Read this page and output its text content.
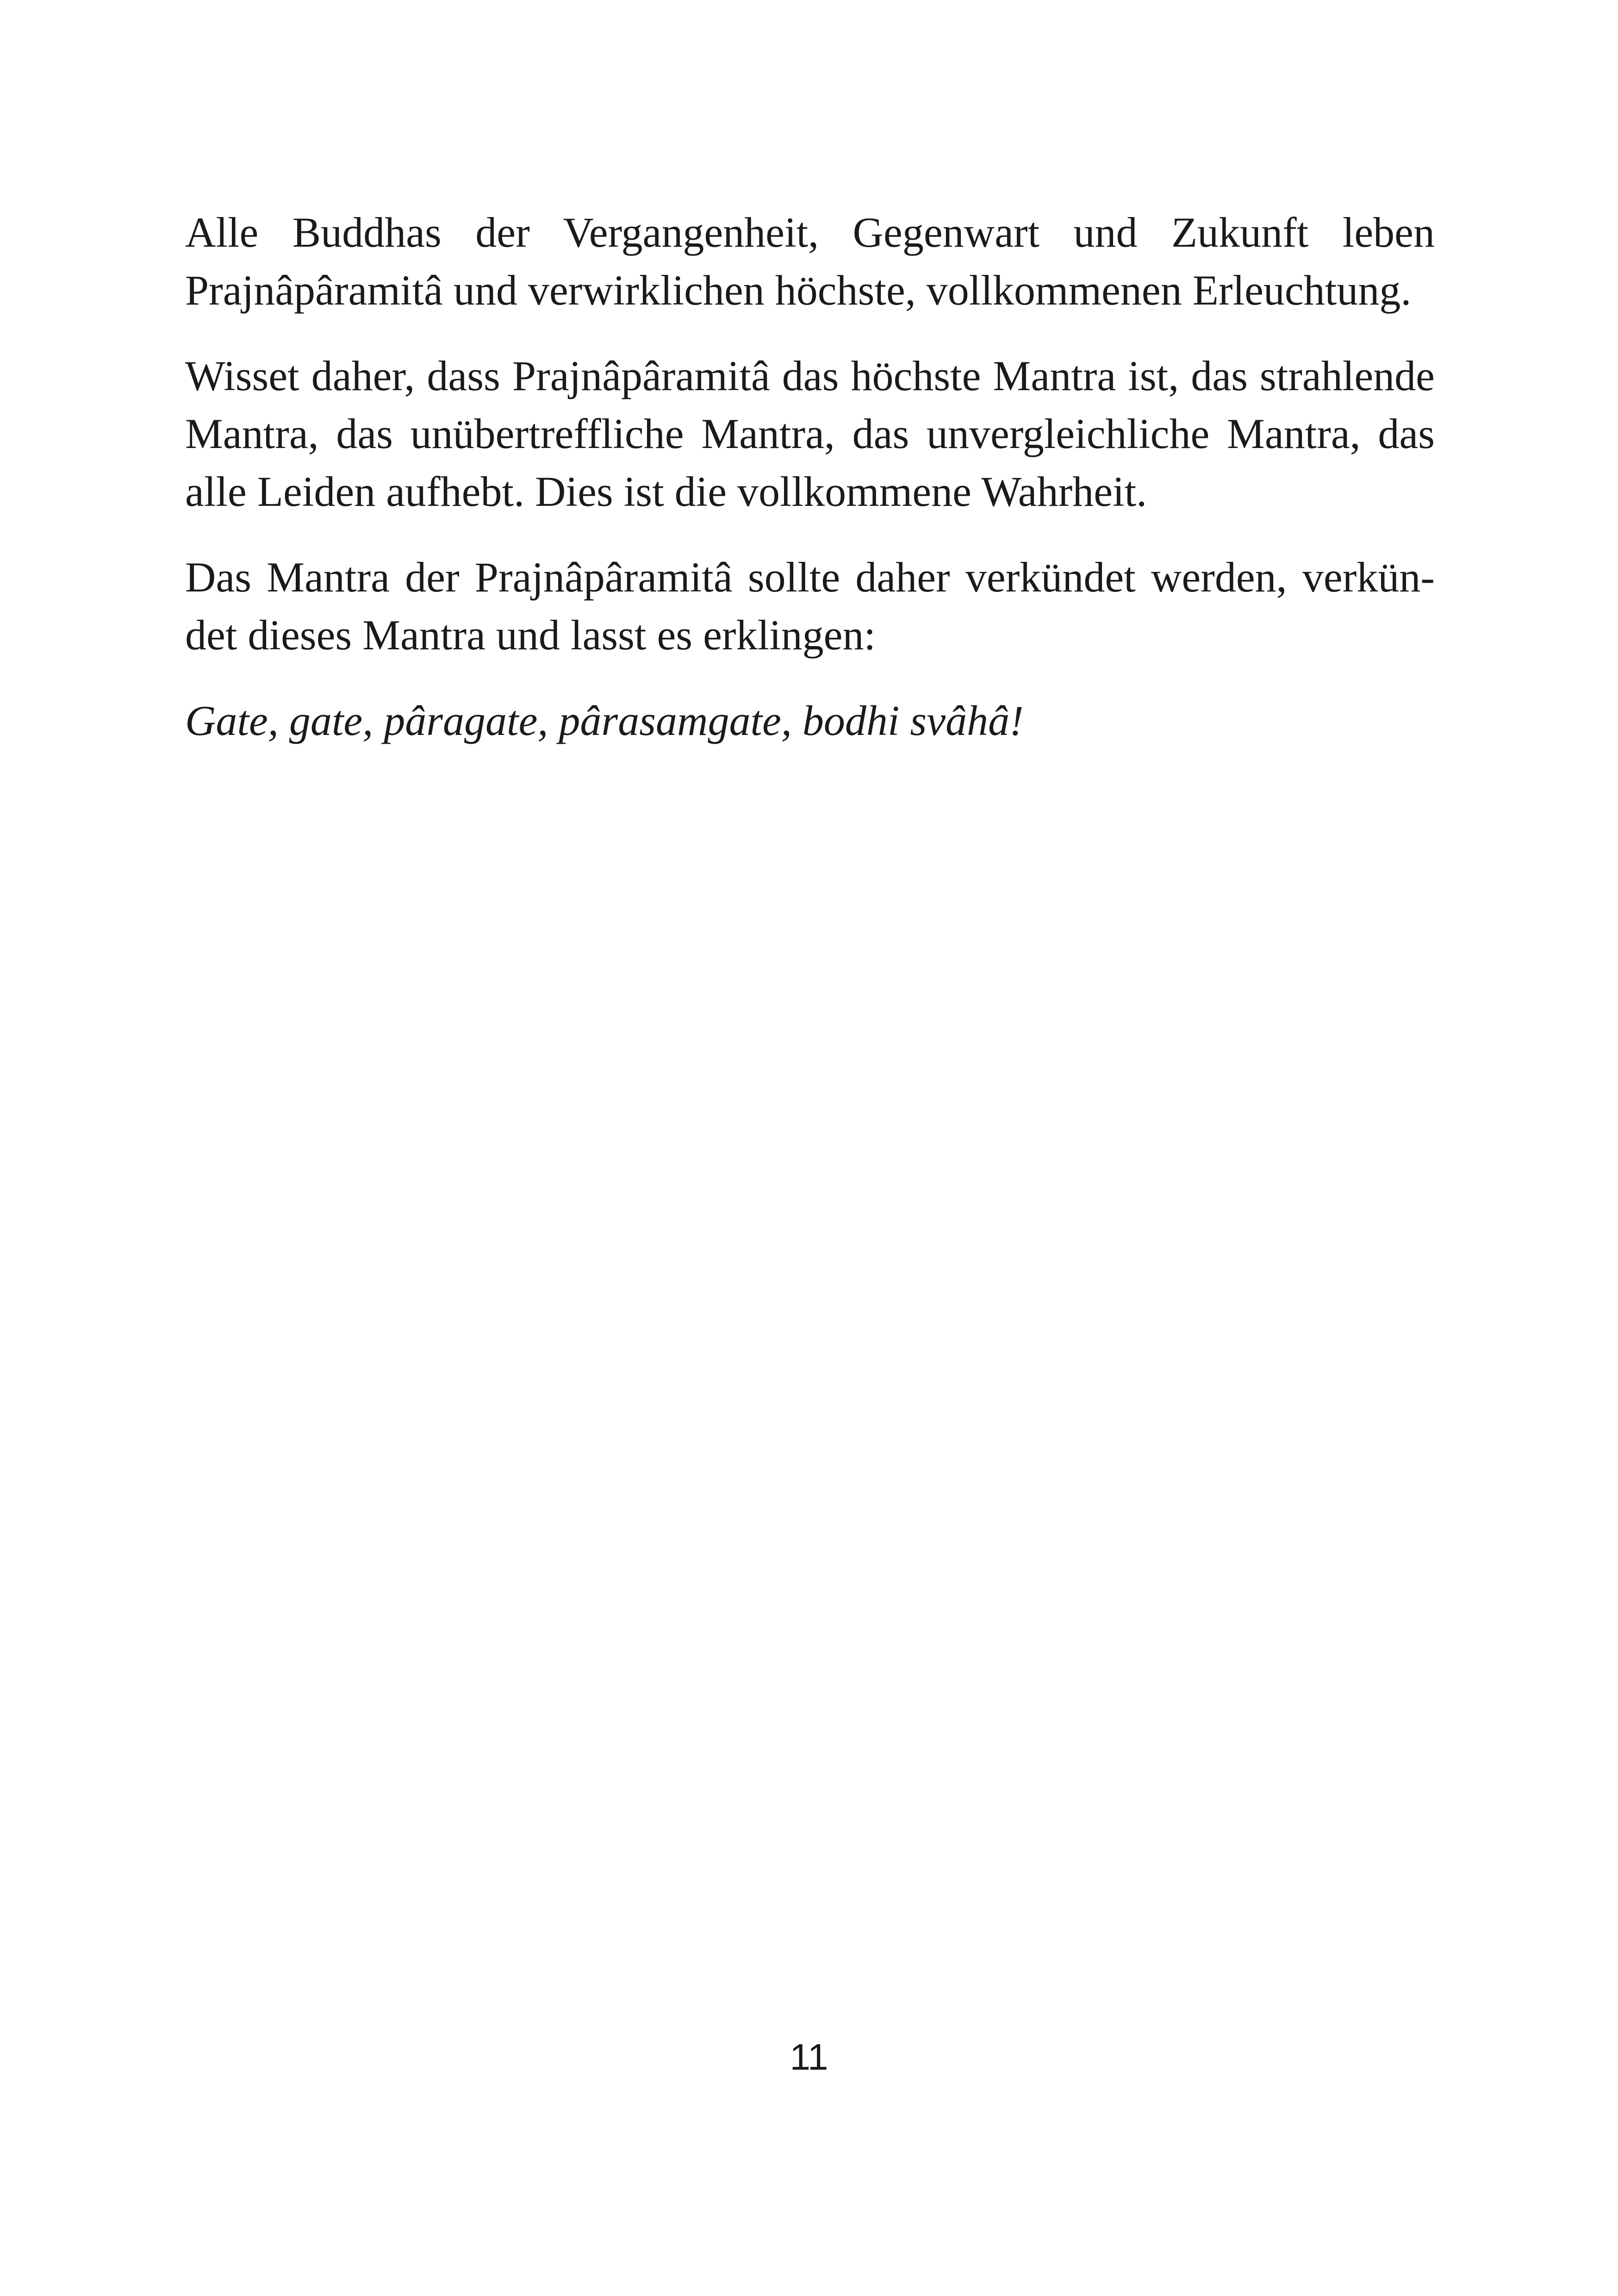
Alle Buddhas der Vergangenheit, Gegenwart und Zukunft leben Prajnâpâramitâ und verwirklichen höchste, vollkommenen Erleuchtung.

Wisset daher, dass Prajnâpâramitâ das höchste Mantra ist, das strahlende Mantra, das unübertreffliche Mantra, das unvergleichliche Mantra, das alle Leiden aufhebt. Dies ist die vollkommene Wahrheit.

Das Mantra der Prajnâpâramitâ sollte daher verkündet werden, verkündet dieses Mantra und lasst es erklingen:

Gate, gate, pâragate, pârasamgate, bodhi svâhâ!

11
